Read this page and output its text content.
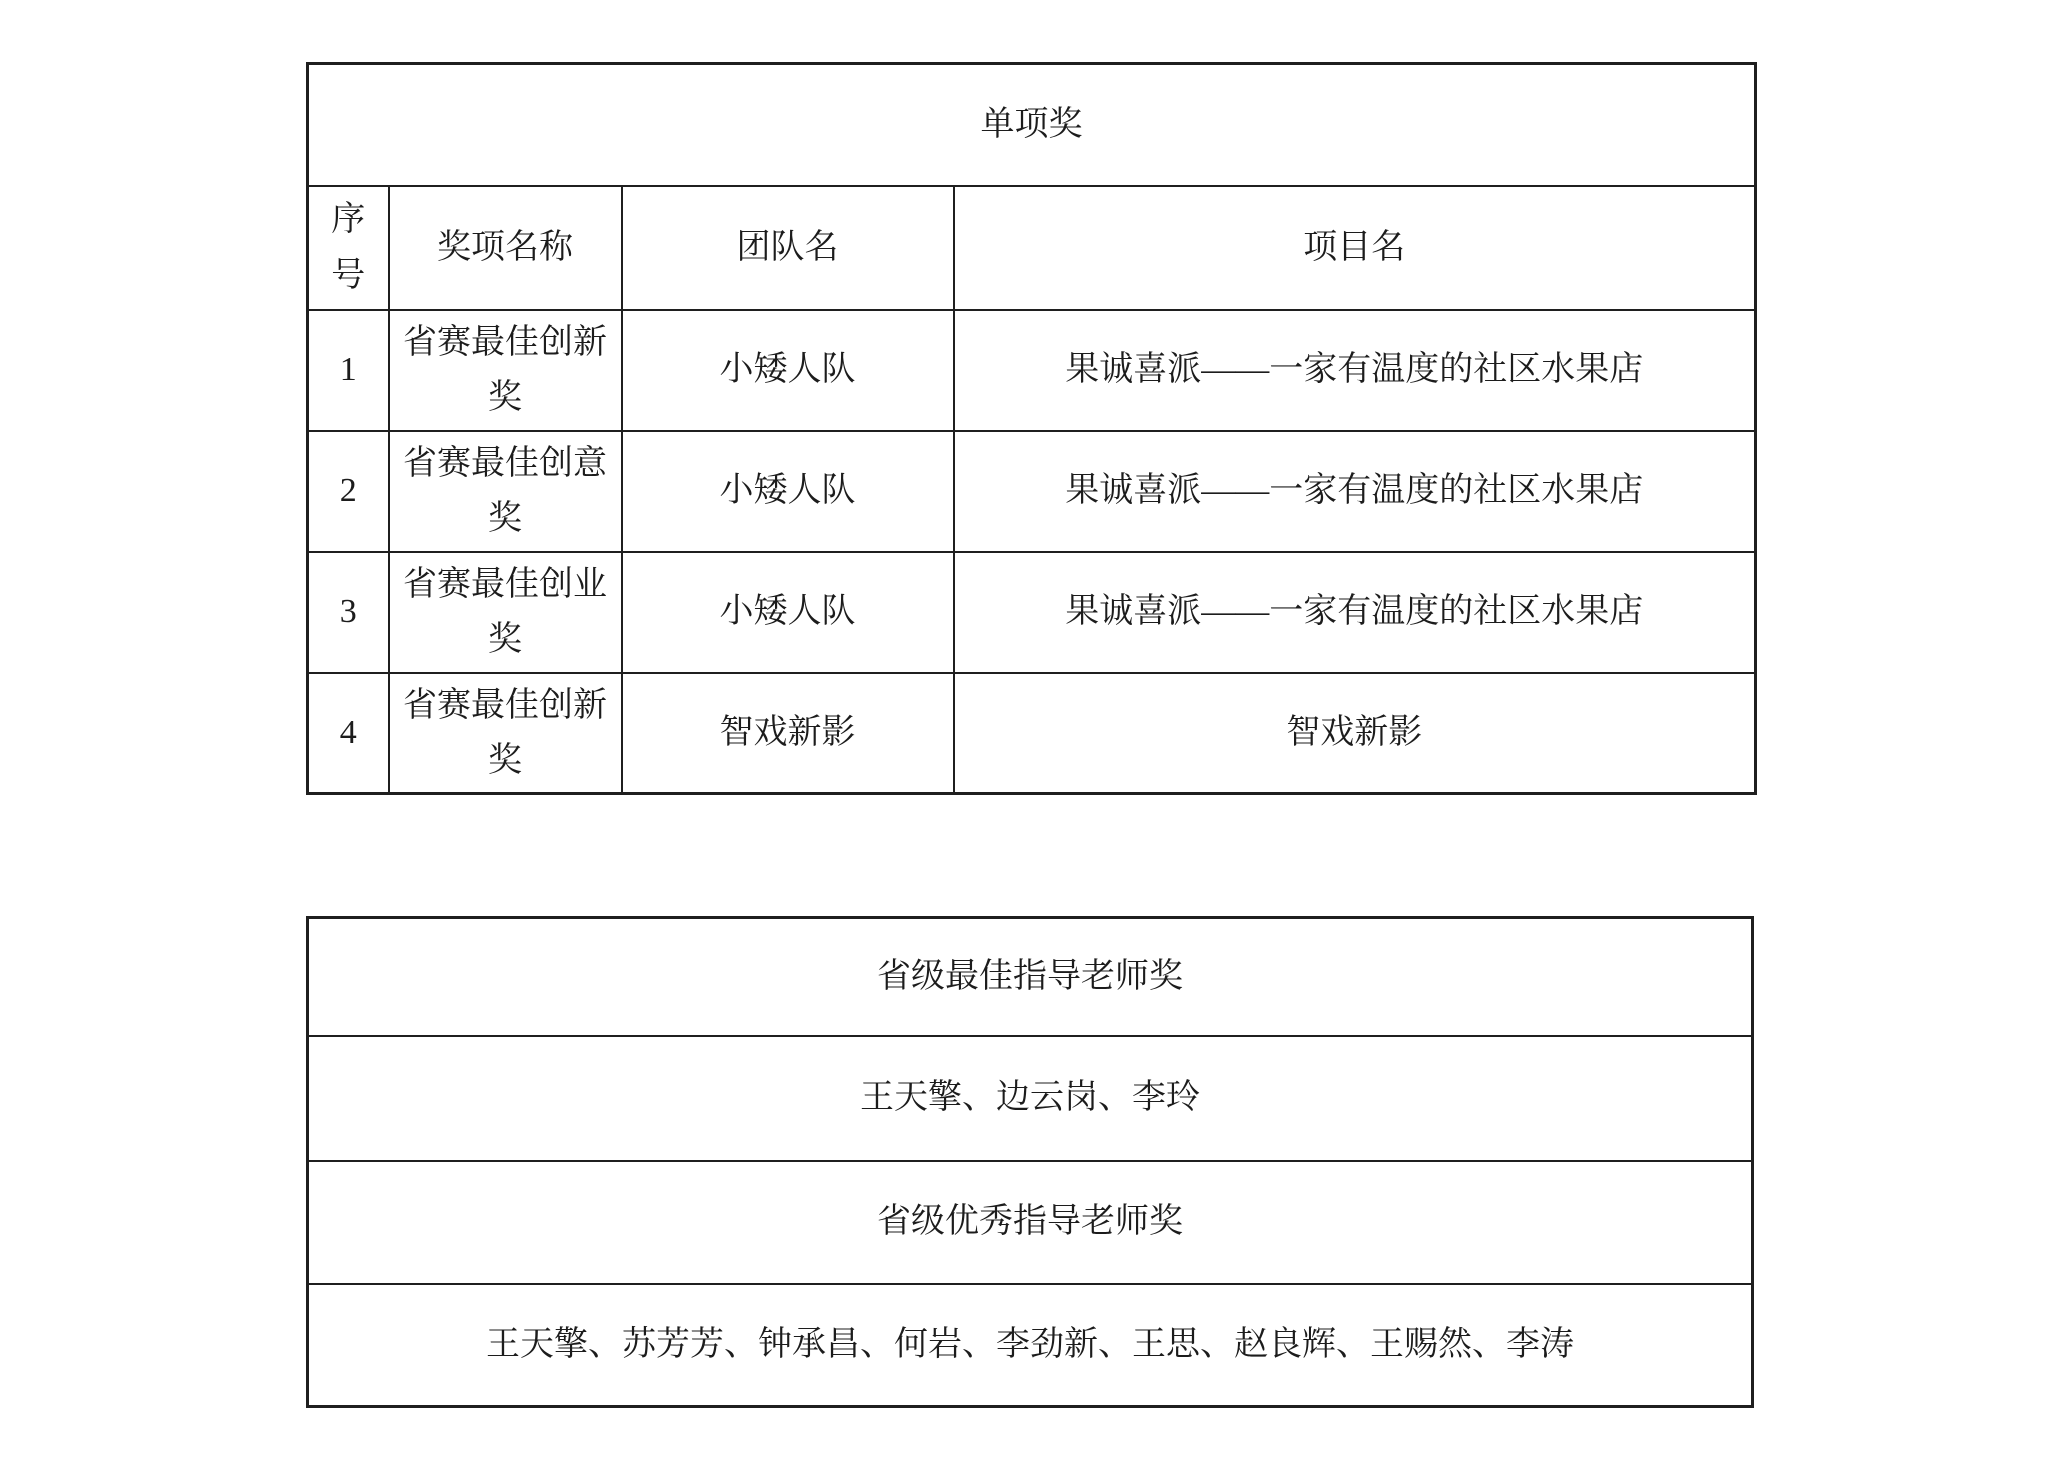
单项奖			
序号	奖项名称	团队名	项目名
1	省赛最佳创新奖	小矮人队	果诚喜派——一家有温度的社区水果店
2	省赛最佳创意奖	小矮人队	果诚喜派——一家有温度的社区水果店
3	省赛最佳创业奖	小矮人队	果诚喜派——一家有温度的社区水果店
4	省赛最佳创新奖	智戏新影	智戏新影
省级最佳指导老师奖
王天擎、边云岗、李玲
省级优秀指导老师奖
王天擎、苏芳芳、钟承昌、何岩、李劲新、王思、赵良辉、王赐然、李涛
